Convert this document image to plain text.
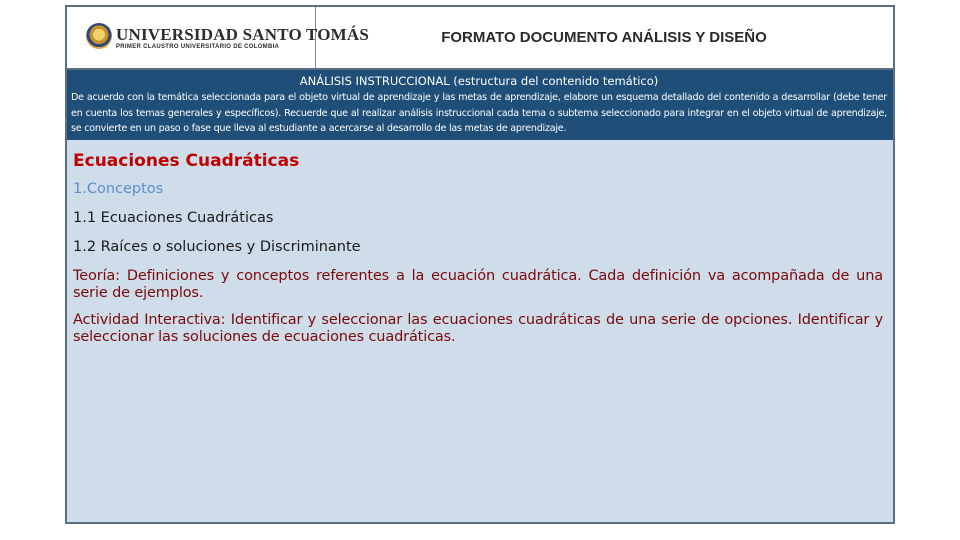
UNIVERSIDAD SANTO TOMÁS
PRIMER CLAUSTRO UNIVERSITARIO DE COLOMBIA
FORMATO DOCUMENTO ANÁLISIS Y DISEÑO
ANÁLISIS INSTRUCCIONAL (estructura del contenido temático)
De acuerdo con la temática seleccionada para el objeto virtual de aprendizaje y las metas de aprendizaje, elabore un esquema detallado del contenido a desarrollar (debe tener en cuenta los temas generales y específicos). Recuerde que al realizar análisis instruccional cada tema o subtema seleccionado para integrar en el objeto virtual de aprendizaje, se convierte en un paso o fase que lleva al estudiante a acercarse al desarrollo de las metas de aprendizaje.
Ecuaciones Cuadráticas
1.Conceptos
1.1 Ecuaciones Cuadráticas
1.2 Raíces o soluciones y Discriminante
Teoría: Definiciones y conceptos referentes a la ecuación cuadrática. Cada definición va acompañada de una serie de ejemplos.
Actividad Interactiva: Identificar y seleccionar las ecuaciones cuadráticas de una serie de opciones. Identificar y seleccionar las soluciones de ecuaciones cuadráticas.
